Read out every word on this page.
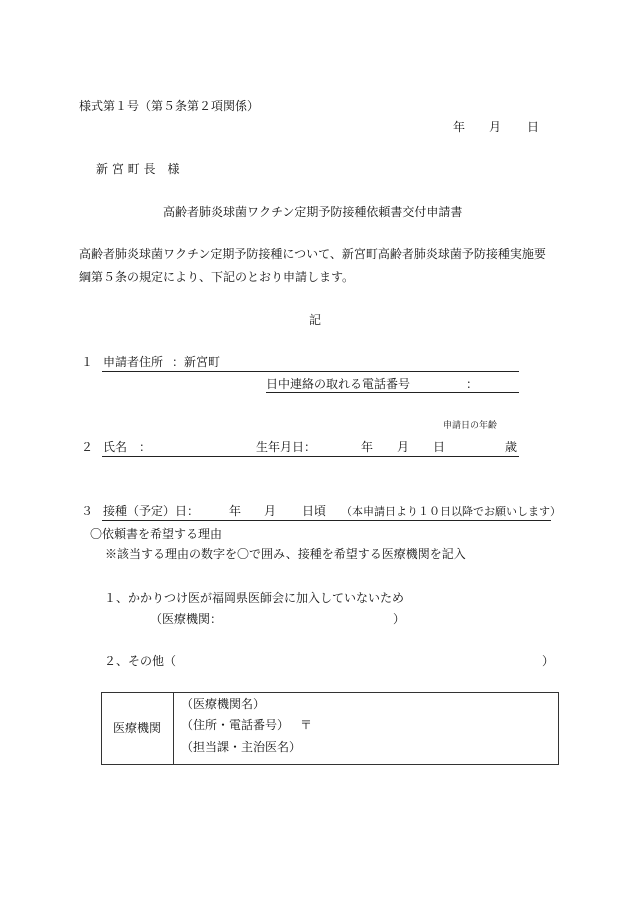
様式第１号（第５条第２項関係）
年 月 日
新 宮 町 長　様
高齢者肺炎球菌ワクチン定期予防接種依頼書交付申請書
高齢者肺炎球菌ワクチン定期予防接種について、新宮町高齢者肺炎球菌予防接種実施要
綱第５条の規定により、下記のとおり申請します。
記
１ 申請者住所 ：新宮町
日中連絡の取れる電話番号	：
申請日の年齢
２ 氏名　：	生年月日：	年 月 日	歳
３ 接種（予定）日： 年 月 日頃 （本申請日より１０日以降でお願いします）
〇依頼書を希望する理由
※該当する理由の数字を〇で囲み、接種を希望する医療機関を記入
１、かかりつけ医が福岡県医師会に加入していないため
（医療機関：	）
２、その他（	）
医療機関
（医療機関名）
（住所・電話番号） 〒
（担当課・主治医名）
